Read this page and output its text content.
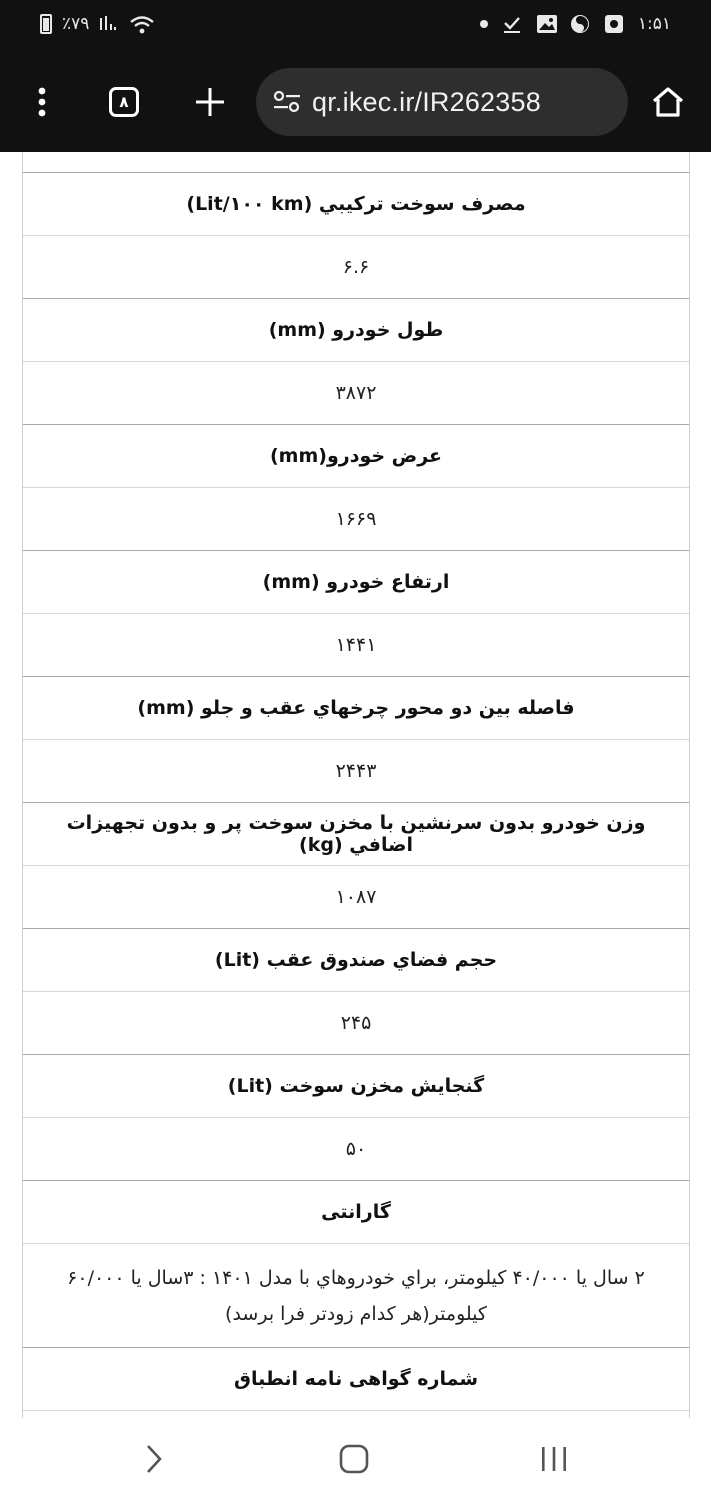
٪۷۹	۱:۵۱
۸	qr.ikec.ir/IR262358
مصرف سوخت ترکيبي (Lit/۱۰۰ km)
۶.۶
طول خودرو (mm)
۳۸۷۲
عرض خودرو(mm)
۱۶۶۹
ارتفاع خودرو (mm)
۱۴۴۱
فاصله بين دو محور چرخهاي عقب و جلو (mm)
۲۴۴۳
وزن خودرو بدون سرنشين با مخزن سوخت پر و بدون تجهيزات اضافي (kg)
۱۰۸۷
حجم فضاي صندوق عقب (Lit)
۲۴۵
گنجايش مخزن سوخت (Lit)
۵۰
گارانتی
۲ سال يا ۴۰/۰۰۰ کيلومتر، براي خودروهاي با مدل ۱۴۰۱ : ۳سال يا ۶۰/۰۰۰ کيلومتر(هر کدام زودتر فرا برسد)
شماره گواهی نامه انطباق
